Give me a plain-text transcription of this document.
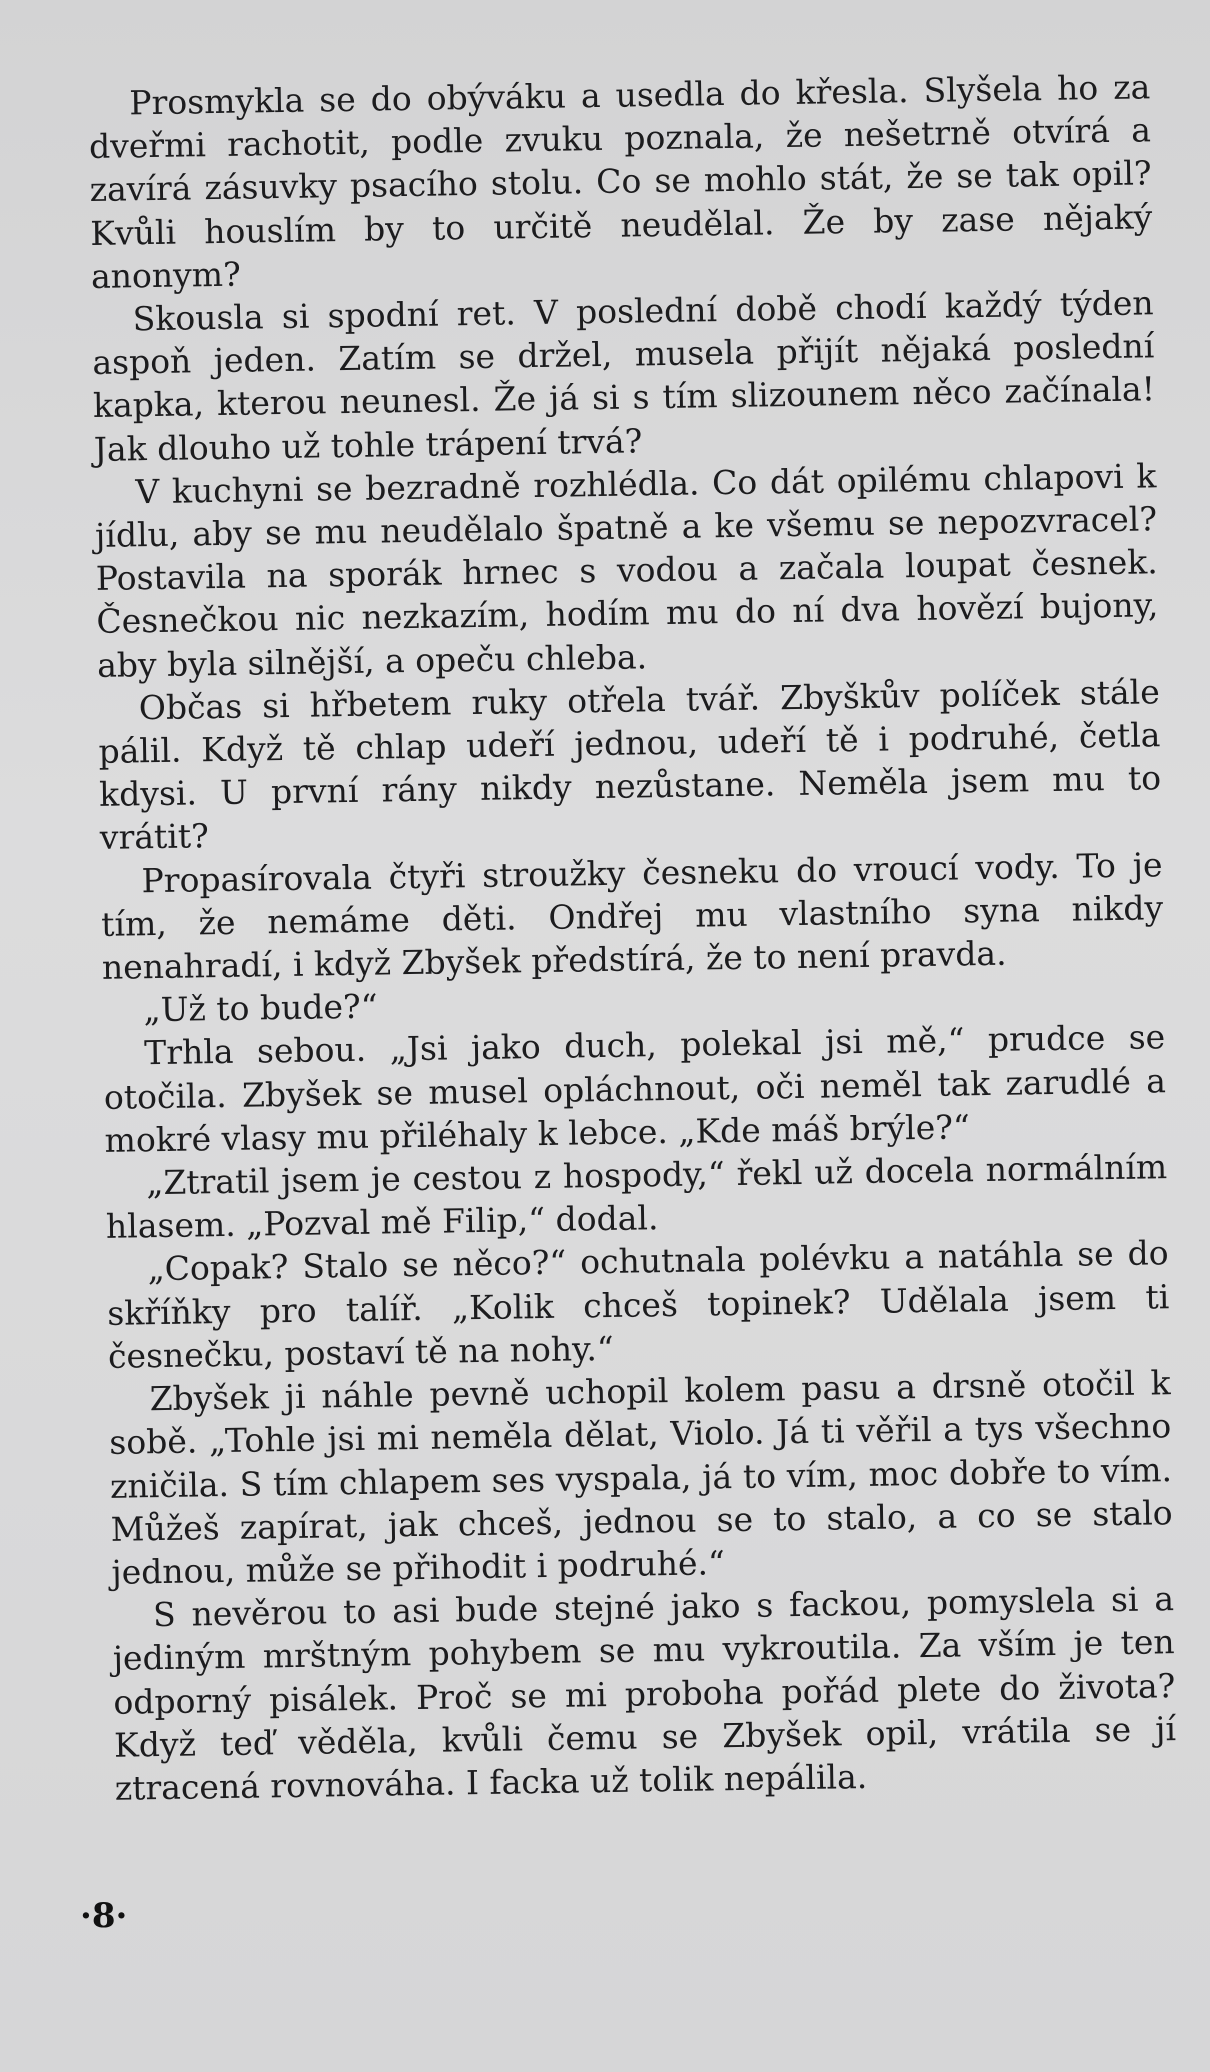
Prosmykla se do obýváku a usedla do křesla. Slyšela ho za dveřmi rachotit, podle zvuku poznala, že nešetrně otvírá a zavírá zásuvky psacího stolu. Co se mohlo stát, že se tak opil? Kvůli houslím by to určitě neudělal. Že by zase nějaký anonym?

Skousla si spodní ret. V poslední době chodí každý týden aspoň jeden. Zatím se držel, musela přijít nějaká poslední kapka, kterou neunesl. Že já si s tím slizounem něco začínala! Jak dlouho už tohle trápení trvá?

V kuchyni se bezradně rozhlédla. Co dát opilému chlapovi k jídlu, aby se mu neudělalo špatně a ke všemu se nepozvracel? Postavila na sporák hrnec s vodou a začala loupat česnek. Česnečkou nic nezkazím, hodím mu do ní dva hovězí bujony, aby byla silnější, a opeču chleba.

Občas si hřbetem ruky otřela tvář. Zbyškův políček stále pálil. Když tě chlap udeří jednou, udeří tě i podruhé, četla kdysi. U první rány nikdy nezůstane. Neměla jsem mu to vrátit?

Propasírovala čtyři stroužky česneku do vroucí vody. To je tím, že nemáme děti. Ondřej mu vlastního syna nikdy nenahradí, i když Zbyšek předstírá, že to není pravda.

„Už to bude?“

Trhla sebou. „Jsi jako duch, polekal jsi mě,“ prudce se otočila. Zbyšek se musel opláchnout, oči neměl tak zarudlé a mokré vlasy mu přiléhaly k lebce. „Kde máš brýle?“

„Ztratil jsem je cestou z hospody,“ řekl už docela normálním hlasem. „Pozval mě Filip,“ dodal.

„Copak? Stalo se něco?“ ochutnala polévku a natáhla se do skříňky pro talíř. „Kolik chceš topinek? Udělala jsem ti česnečku, postaví tě na nohy.“

Zbyšek ji náhle pevně uchopil kolem pasu a drsně otočil k sobě. „Tohle jsi mi neměla dělat, Violo. Já ti věřil a tys všechno zničila. S tím chlapem ses vyspala, já to vím, moc dobře to vím. Můžeš zapírat, jak chceš, jednou se to stalo, a co se stalo jednou, může se přihodit i podruhé.“

S nevěrou to asi bude stejné jako s fackou, pomyslela si a jediným mrštným pohybem se mu vykroutila. Za vším je ten odporný pisálek. Proč se mi proboha pořád plete do života? Když teď věděla, kvůli čemu se Zbyšek opil, vrátila se jí ztracená rovnováha. I facka už tolik nepálila.

·8·
